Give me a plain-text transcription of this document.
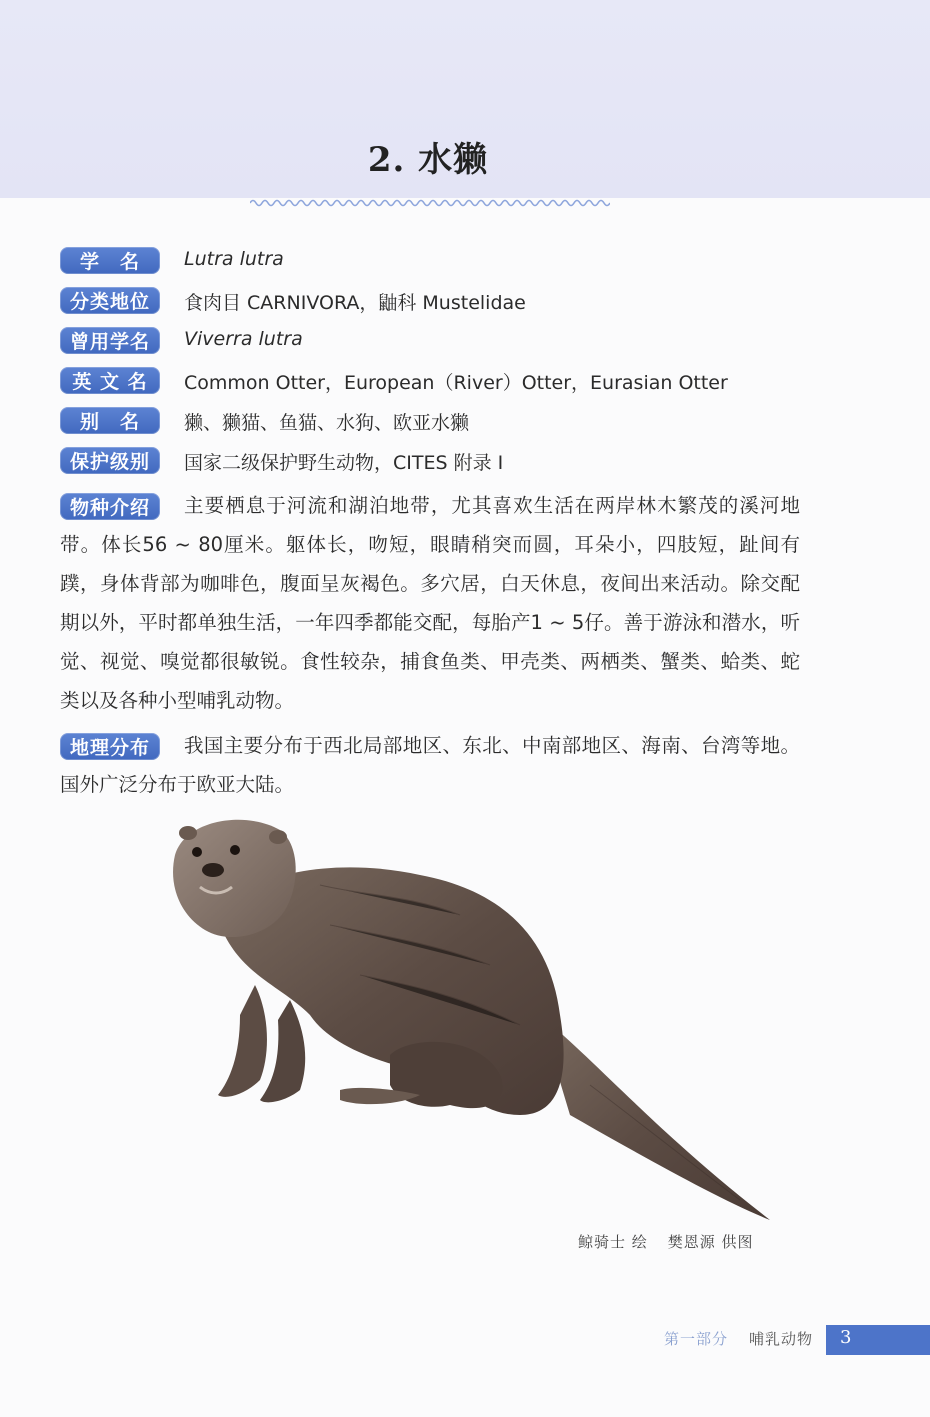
2. 水獭
学　名 Lutra lutra
分类地位 食肉目 CARNIVORA，鼬科 Mustelidae
曾用学名 Viverra lutra
英 文 名 Common Otter，European（River）Otter，Eurasian Otter
别　名 獭、獭猫、鱼猫、水狗、欧亚水獭
保护级别 国家二级保护野生动物，CITES 附录 I
物种介绍	主要栖息于河流和湖泊地带，尤其喜欢生活在两岸林木繁茂的溪河地带。体长56 ~ 80厘米。躯体长，吻短，眼睛稍突而圆，耳朵小，四肢短，趾间有蹼，身体背部为咖啡色，腹面呈灰褐色。多穴居，白天休息，夜间出来活动。除交配期以外，平时都单独生活，一年四季都能交配，每胎产1 ~ 5仔。善于游泳和潜水，听觉、视觉、嗅觉都很敏锐。食性较杂，捕食鱼类、甲壳类、两栖类、蟹类、蛤类、蛇类以及各种小型哺乳动物。

地理分布	我国主要分布于西北局部地区、东北、中南部地区、海南、台湾等地。国外广泛分布于欧亚大陆。

鲸骑士 绘 樊恩源 供图
第一部分 哺乳动物 3
